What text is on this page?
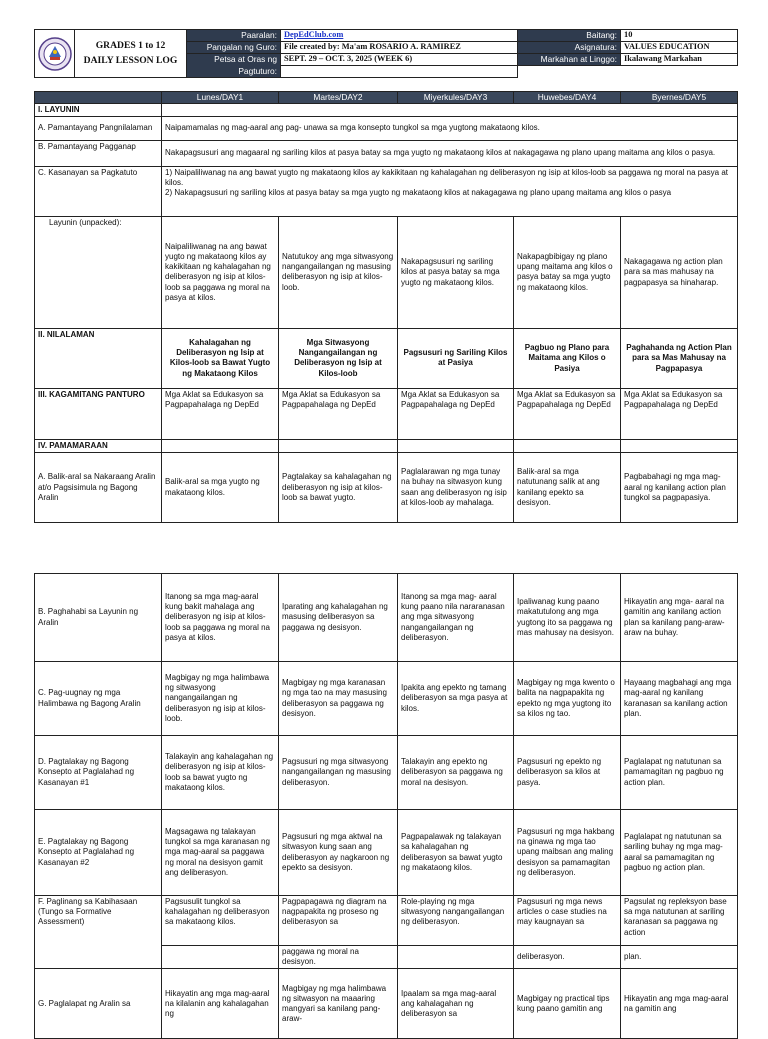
GRADES 1 to 12
DAILY LESSON LOG	Paaralan:	DepEdClub.com	Baitang:	10
		Pangalan ng Guro:	File created by: Ma'am ROSARIO A. RAMIREZ	Asignatura:	VALUES EDUCATION
		Petsa at Oras ng Pagtuturo:	SEPT. 29 – OCT. 3, 2025 (WEEK 6)	Markahan at Linggo:	Ikalawang Markahan

	Lunes/DAY1	Martes/DAY2	Miyerkules/DAY3	Huwebes/DAY4	Byernes/DAY5
I. LAYUNIN					
A. Pamantayang Pangnilalaman	Naipamamalas ng mag-aaral ang pag- unawa sa mga konsepto tungkol sa mga yugtong makataong kilos.				
B. Pamantayang Pagganap	Nakapagsusuri ang magaaral ng sariling kilos at pasya batay sa mga yugto ng makataong kilos at nakagagawa ng plano upang maitama ang kilos o pasya.				
C. Kasanayan sa Pagkatuto	1) Naipaliliwanag na ang bawat yugto ng makataong kilos ay kakikitaan ng kahalagahan ng deliberasyon ng isip at kilos-loob sa paggawa ng moral na pasya at kilos.
2) Nakapagsusuri ng sariling kilos at pasya batay sa mga yugto ng makataong kilos at nakagagawa ng plano upang maitama ang kilos o pasya				

Layunin (unpacked):	Naipaliliwanag na ang bawat yugto ng makataong kilos ay kakikitaan ng kahalagahan ng deliberasyon ng isip at kilos-loob sa paggawa ng moral na pasya at kilos.	Natutukoy ang mga sitwasyong nangangailangan ng masusing deliberasyon ng isip at kilos-loob.	Nakapagsusuri ng sariling kilos at pasya batay sa mga yugto ng makataong kilos.	Nakapagbibigay ng plano upang maitama ang kilos o pasya batay sa mga yugto ng makataong kilos.	Nakagagawa ng action plan para sa mas mahusay na pagpapasya sa hinaharap.
II. NILALAMAN	Kahalagahan ng Deliberasyon ng Isip at Kilos-loob sa Bawat Yugto ng Makataong Kilos	Mga Sitwasyong Nangangailangan ng Deliberasyon ng Isip at Kilos-loob	Pagsusuri ng Sariling Kilos at Pasiya	Pagbuo ng Plano para Maitama ang Kilos o Pasiya	Paghahanda ng Action Plan para sa Mas Mahusay na Pagpapasya
III. KAGAMITANG PANTURO	Mga Aklat sa Edukasyon sa Pagpapahalaga ng DepEd	Mga Aklat sa Edukasyon sa Pagpapahalaga ng DepEd	Mga Aklat sa Edukasyon sa Pagpapahalaga ng DepEd	Mga Aklat sa Edukasyon sa Pagpapahalaga ng DepEd	Mga Aklat sa Edukasyon sa Pagpapahalaga ng DepEd
IV. PAMAMARAAN					
A. Balik-aral sa Nakaraang Aralin at/o Pagsisimula ng Bagong Aralin	Balik-aral sa mga yugto ng makataong kilos.	Pagtalakay sa kahalagahan ng deliberasyon ng isip at kilos-loob sa bawat yugto.	Paglalarawan ng mga tunay na buhay na sitwasyon kung saan ang deliberasyon ng isip at kilos-loob ay mahalaga.	Balik-aral sa mga natutunang salik at ang kanilang epekto sa desisyon.	Pagbabahagi ng mga mag-aaral ng kanilang action plan tungkol sa pagpapasiya.
B. Paghahabi sa Layunin ng Aralin	Itanong sa mga mag-aaral kung bakit mahalaga ang deliberasyon ng isip at kilos-loob sa paggawa ng moral na pasya at kilos.	Iparating ang kahalagahan ng masusing deliberasyon sa paggawa ng desisyon.	Itanong sa mga mag- aaral kung paano nila nararanasan ang mga sitwasyong nangangailangan ng deliberasyon.	Ipaliwanag kung paano makatutulong ang mga yugtong ito sa paggawa ng mas mahusay na desisyon.	Hikayatin ang mga- aaral na gamitin ang kanilang action plan sa kanilang pang-araw- araw na buhay.
C. Pag-uugnay ng mga Halimbawa ng Bagong Aralin	Magbigay ng mga halimbawa ng sitwasyong nangangailangan ng deliberasyon ng isip at kilos-loob.	Magbigay ng mga karanasan ng mga tao na may masusing deliberasyon sa paggawa ng desisyon.	Ipakita ang epekto ng tamang deliberasyon sa mga pasya at kilos.	Magbigay ng mga kwento o balita na nagpapakita ng epekto ng mga yugtong ito sa kilos ng tao.	Hayaang magbahagi ang mga mag-aaral ng kanilang karanasan sa kanilang action plan.
D. Pagtalakay ng Bagong Konsepto at Paglalahad ng Kasanayan #1	Talakayin ang kahalagahan ng deliberasyon ng isip at kilos-loob sa bawat yugto ng makataong kilos.	Pagsusuri ng mga sitwasyong nangangailangan ng masusing deliberasyon.	Talakayin ang epekto ng deliberasyon sa paggawa ng moral na desisyon.	Pagsusuri ng epekto ng deliberasyon sa kilos at pasya.	Paglalapat ng natutunan sa pamamagitan ng pagbuo ng action plan.
E. Pagtalakay ng Bagong Konsepto at Paglalahad ng Kasanayan #2	Magsagawa ng talakayan tungkol sa mga karanasan ng mga mag-aaral sa paggawa ng moral na desisyon gamit ang deliberasyon.	Pagsusuri ng mga aktwal na sitwasyon kung saan ang deliberasyon ay nagkaroon ng epekto sa desisyon.	Pagpapalawak ng talakayan sa kahalagahan ng deliberasyon sa bawat yugto ng makataong kilos.	Pagsusuri ng mga hakbang na ginawa ng mga tao upang maibsan ang maling desisyon sa pamamagitan ng deliberasyon.	Paglalapat ng natutunan sa sariling buhay ng mga mag-aaral sa pamamagitan ng pagbuo ng action plan.
F. Paglinang sa Kabihasaan (Tungo sa Formative Assessment)	Pagsusulit tungkol sa kahalagahan ng deliberasyon sa makataong kilos.	Pagpapagawa ng diagram na nagpapakita ng proseso ng deliberasyon sa	Role-playing ng mga sitwasyong nangangailangan ng deliberasyon.	Pagsusuri ng mga news articles o case studies na may kaugnayan sa	Pagsulat ng repleksyon base sa mga natutunan at sariling karanasan sa paggawa ng action
		paggawa ng moral na desisyon.		deliberasyon.	plan.
G. Paglalapat ng Aralin sa	Hikayatin ang mga mag-aaral na kilalanin ang kahalagahan ng	Magbigay ng mga halimbawa ng sitwasyon na maaaring mangyari sa kanilang pang-araw-	Ipaalam sa mga mag-aaral ang kahalagahan ng deliberasyon sa	Magbigay ng practical tips kung paano gamitin ang	Hikayatin ang mga mag-aaral na gamitin ang
